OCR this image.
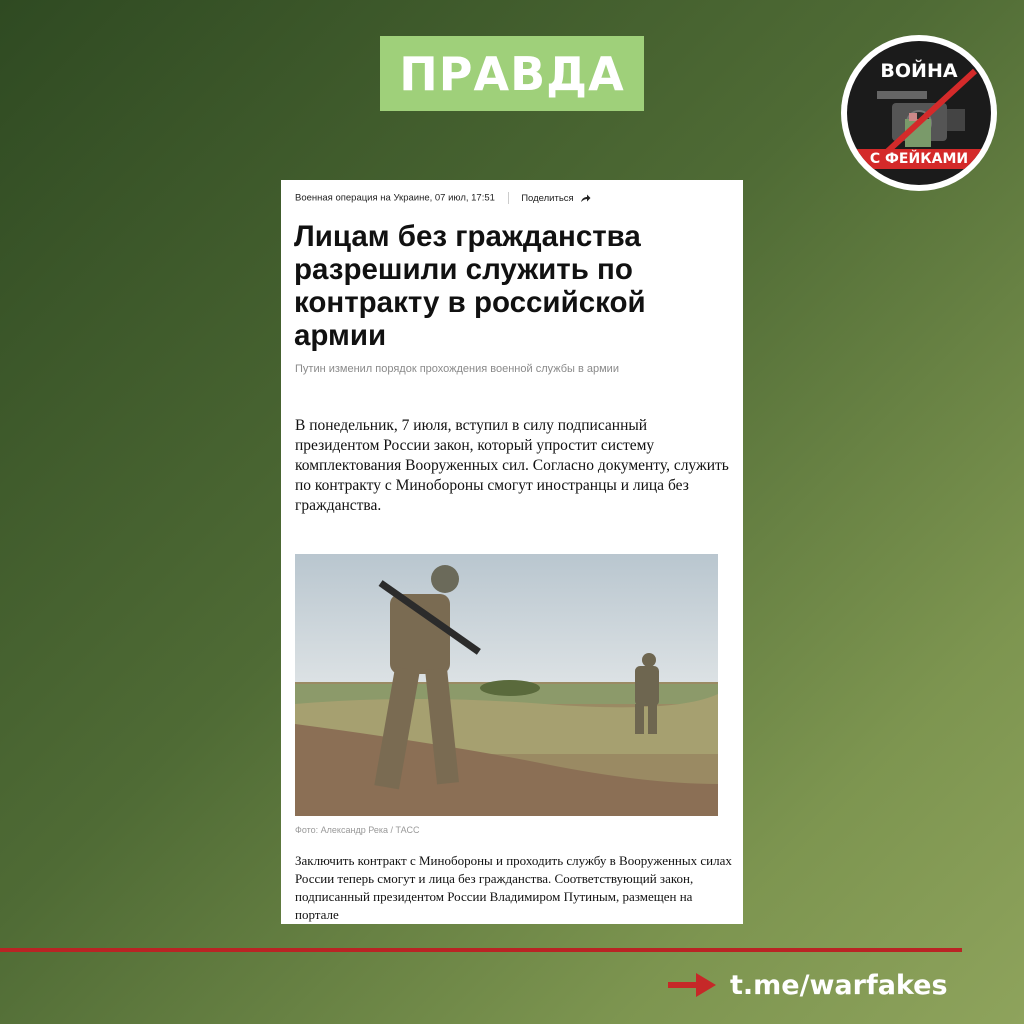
ПРАВДА	ВОЙНА
С ФЕЙКАМИ
Военная операция на Украине, 07 июл, 17:51	Поделиться
Лицам без гражданства разрешили служить по контракту в российской армии
Путин изменил порядок прохождения военной службы в армии

В понедельник, 7 июля, вступил в силу подписанный президентом России закон, который упростит систему комплектования Вооруженных сил. Согласно документу, служить по контракту с Минобороны смогут иностранцы и лица без гражданства.

Фото: Александр Река / ТАСС

Заключить контракт с Минобороны и проходить службу в Вооруженных силах России теперь смогут и лица без гражданства. Соответствующий закон, подписанный президентом России Владимиром Путиным, размещен на портале

t.me/warfakes
